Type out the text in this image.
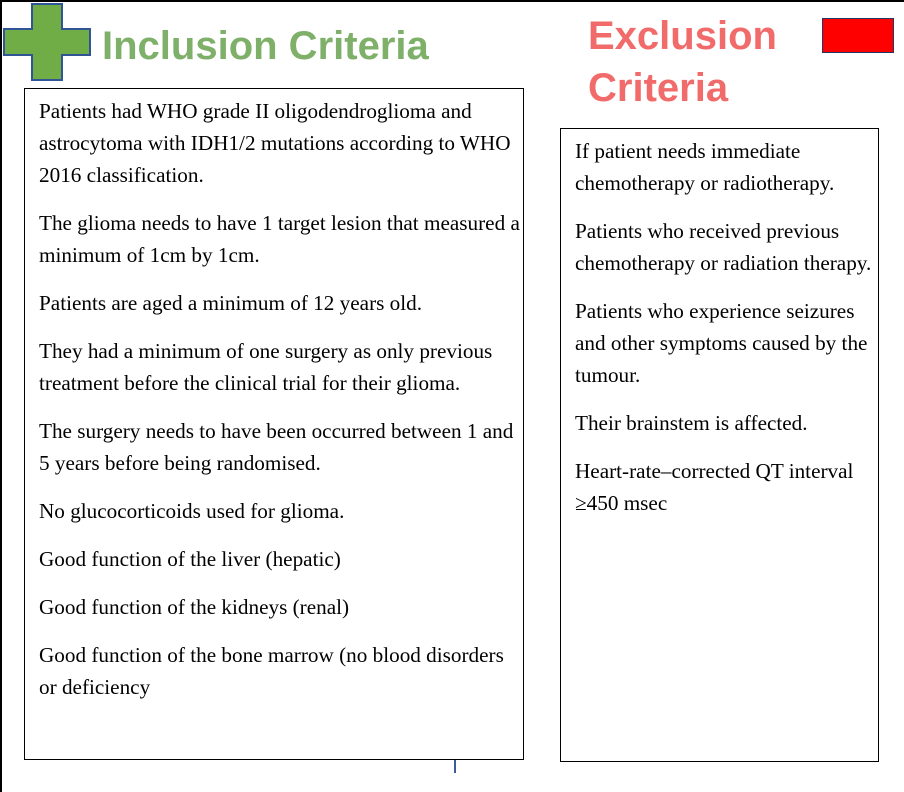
Inclusion Criteria	Exclusion Criteria
Patients had WHO grade II oligodendroglioma and astrocytoma with IDH1/2 mutations according to WHO 2016 classification.
The glioma needs to have 1 target lesion that measured a minimum of 1cm by 1cm.
Patients are aged a minimum of 12 years old.
They had a minimum of one surgery as only previous treatment before the clinical trial for their glioma.
The surgery needs to have been occurred between 1 and 5 years before being randomised.
No glucocorticoids used for glioma.
Good function of the liver (hepatic)
Good function of the kidneys (renal)
Good function of the bone marrow (no blood disorders or deficiency
If patient needs immediate chemotherapy or radiotherapy.
Patients who received previous chemotherapy or radiation therapy.
Patients who experience seizures and other symptoms caused by the tumour.
Their brainstem is affected.
Heart-rate–corrected QT interval ≥450 msec
